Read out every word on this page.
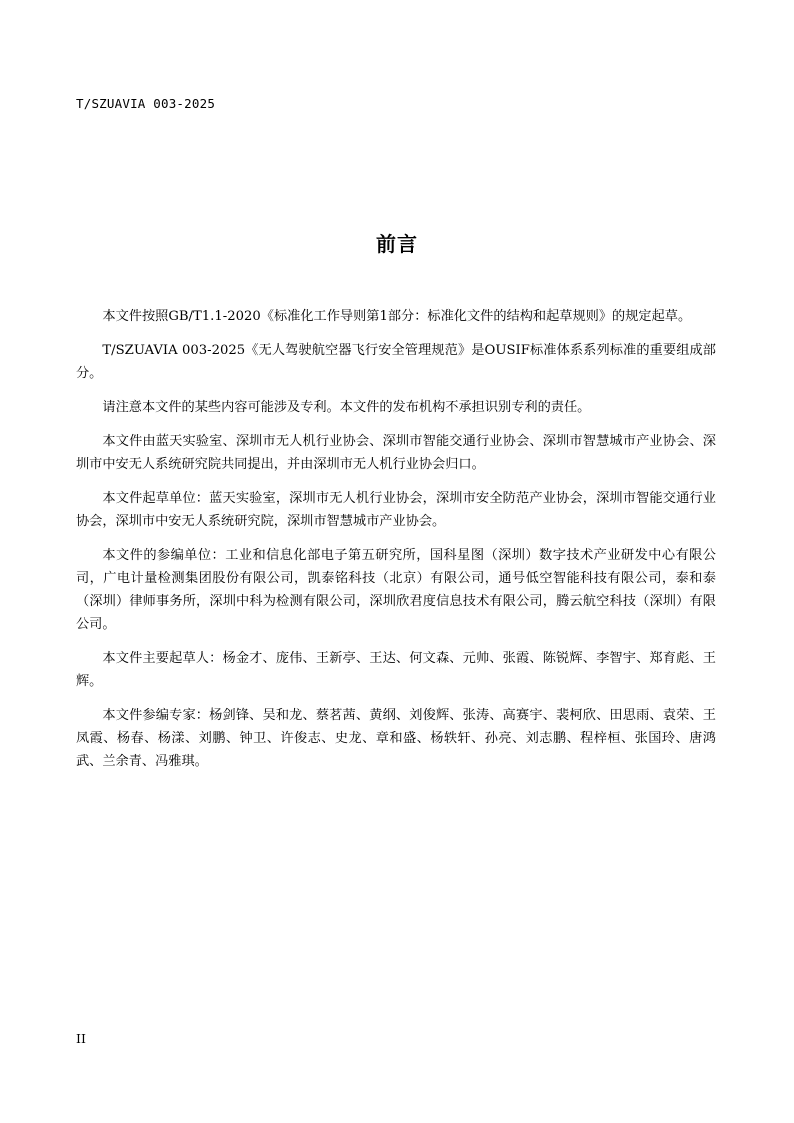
T/SZUAVIA 003-2025
前言

本文件按照GB/T1.1-2020《标准化工作导则第1部分：标准化文件的结构和起草规则》的规定起草。

T/SZUAVIA 003-2025《无人驾驶航空器飞行安全管理规范》是OUSIF标准体系系列标准的重要组成部分。

请注意本文件的某些内容可能涉及专利。本文件的发布机构不承担识别专利的责任。

本文件由蓝天实验室、深圳市无人机行业协会、深圳市智能交通行业协会、深圳市智慧城市产业协会、深圳市中安无人系统研究院共同提出，并由深圳市无人机行业协会归口。

本文件起草单位：蓝天实验室，深圳市无人机行业协会，深圳市安全防范产业协会，深圳市智能交通行业协会，深圳市中安无人系统研究院，深圳市智慧城市产业协会。

本文件的参编单位：工业和信息化部电子第五研究所，国科星图（深圳）数字技术产业研发中心有限公司，广电计量检测集团股份有限公司，凯泰铭科技（北京）有限公司，通号低空智能科技有限公司，泰和泰（深圳）律师事务所，深圳中科为检测有限公司，深圳欣君度信息技术有限公司，腾云航空科技（深圳）有限公司。

本文件主要起草人：杨金才、庞伟、王新亭、王达、何文森、元帅、张霞、陈锐辉、李智宇、郑育彪、王辉。

本文件参编专家：杨剑锋、吴和龙、蔡茗茜、黄纲、刘俊辉、张涛、高赛宇、裴柯欣、田思雨、袁荣、王凤霞、杨春、杨漾、刘鹏、钟卫、许俊志、史龙、章和盛、杨轶轩、孙亮、刘志鹏、程梓桓、张国玲、唐鸿武、兰余青、冯雅琪。

II
